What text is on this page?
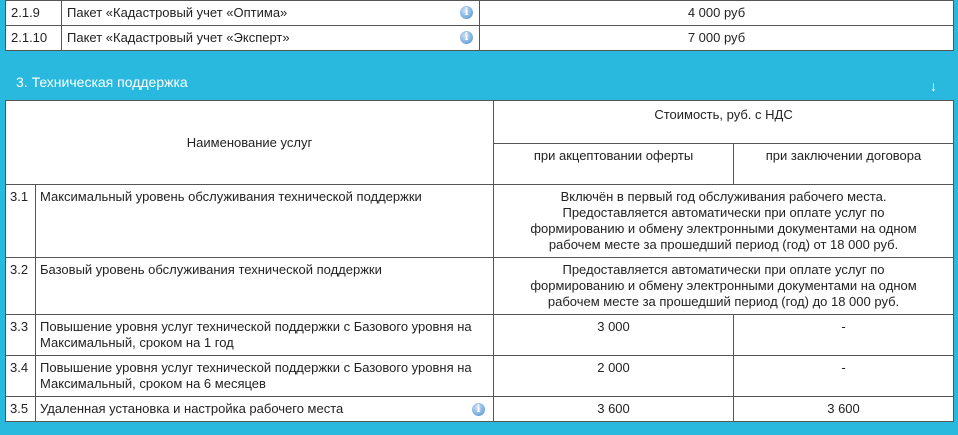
2.1.9	Пакет «Кадастровый учет «Оптима» i	4 000 руб
2.1.10	Пакет «Кадастровый учет «Эксперт» i	7 000 руб
3. Техническая поддержка	↓
Наименование услуг		Стоимость, руб. с НДС	
		при акцептовании оферты	при заключении договора
3.1	Максимальный уровень обслуживания технической поддержки	Включён в первый год обслуживания рабочего места. Предоставляется автоматически при оплате услуг по формированию и обмену электронными документами на одном рабочем месте за прошедший период (год) от 18 000 руб.	
3.2	Базовый уровень обслуживания технической поддержки	Предоставляется автоматически при оплате услуг по формированию и обмену электронными документами на одном рабочем месте за прошедший период (год) до 18 000 руб.	
3.3	Повышение уровня услуг технической поддержки с Базового уровня на Максимальный, сроком на 1 год	3 000	-
3.4	Повышение уровня услуг технической поддержки с Базового уровня на Максимальный, сроком на 6 месяцев	2 000	-
3.5	Удаленная установка и настройка рабочего места i	3 600	3 600
